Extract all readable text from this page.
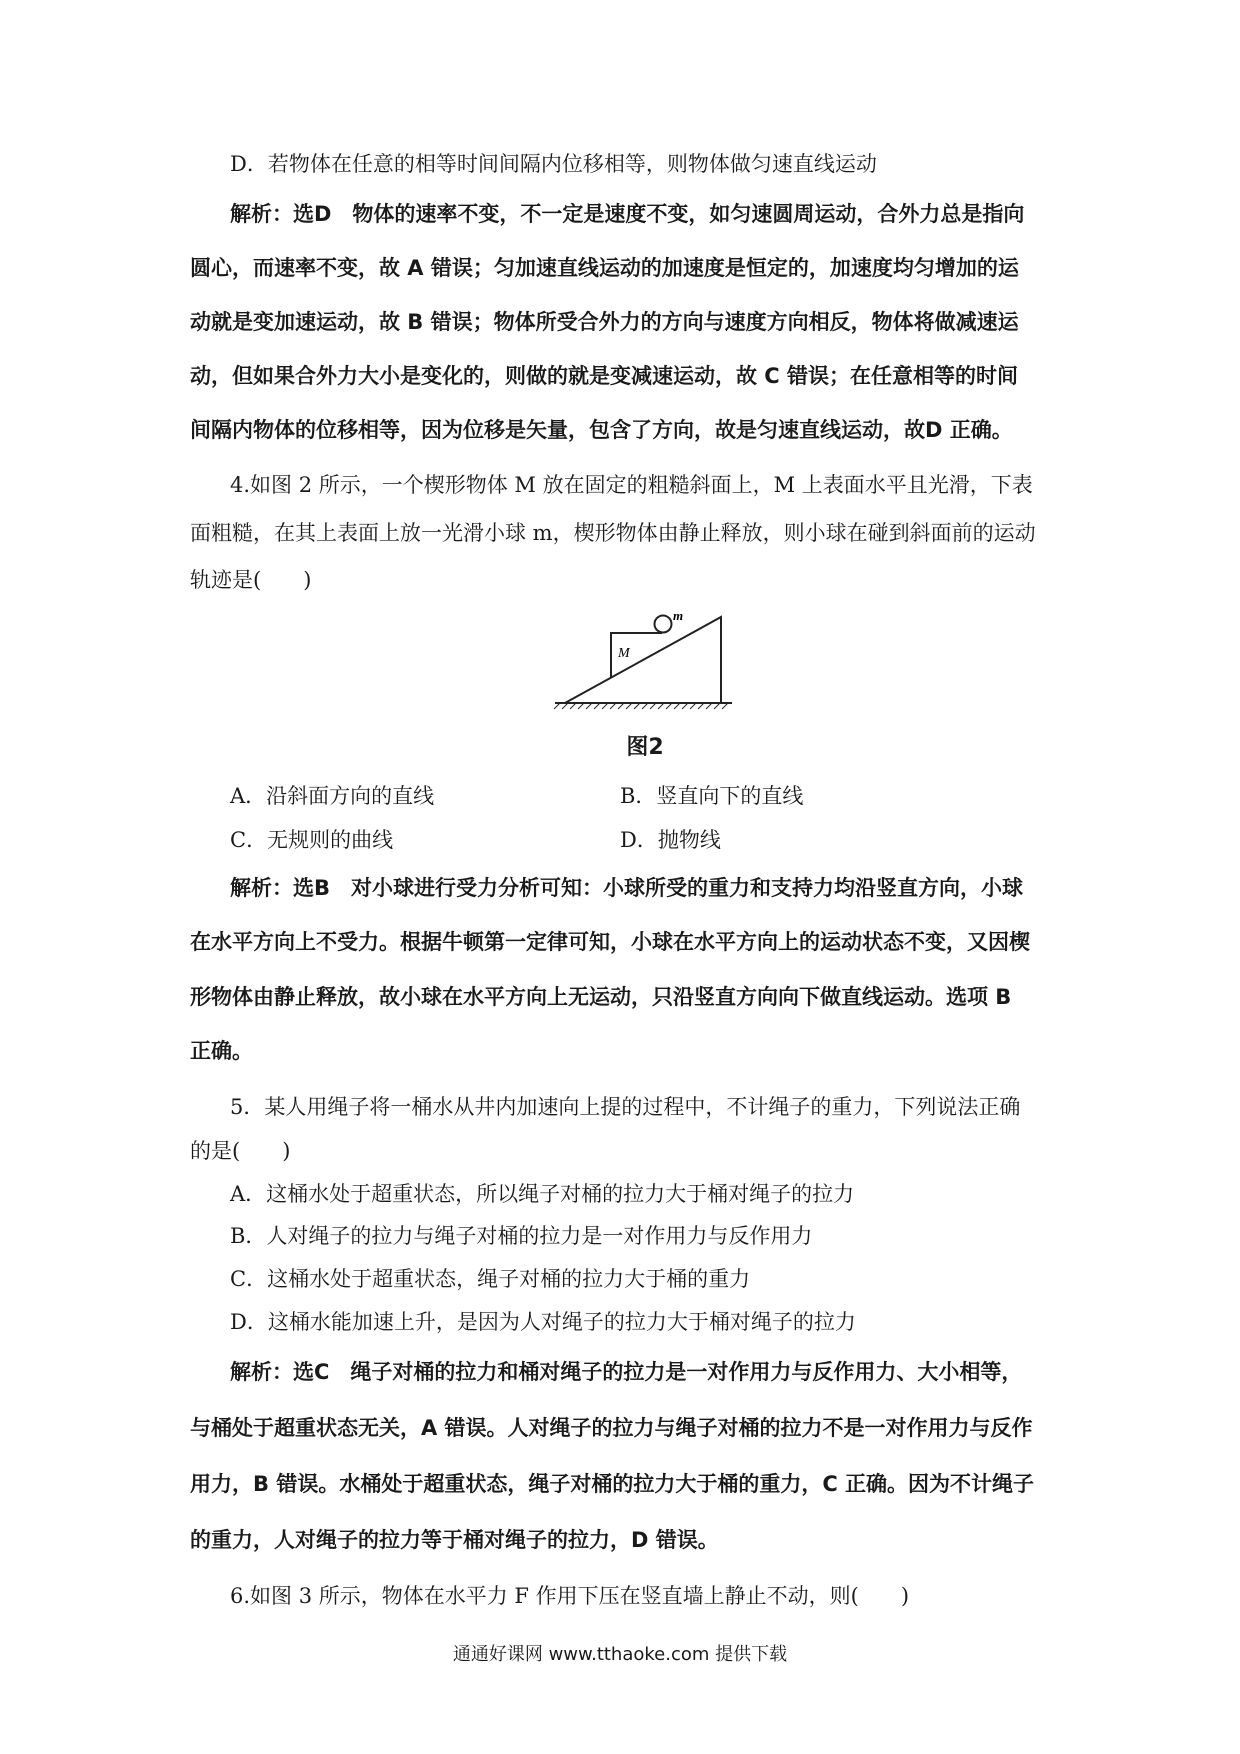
D．若物体在任意的相等时间间隔内位移相等，则物体做匀速直线运动
解析：选D　物体的速率不变，不一定是速度不变，如匀速圆周运动，合外力总是指向
圆心，而速率不变，故 A 错误；匀加速直线运动的加速度是恒定的，加速度均匀增加的运
动就是变加速运动，故 B 错误；物体所受合外力的方向与速度方向相反，物体将做减速运
动，但如果合外力大小是变化的，则做的就是变减速运动，故 C 错误；在任意相等的时间
间隔内物体的位移相等，因为位移是矢量，包含了方向，故是匀速直线运动，故D 正确。
4.如图 2 所示，一个楔形物体 M 放在固定的粗糙斜面上，M 上表面水平且光滑，下表
面粗糙，在其上表面上放一光滑小球 m，楔形物体由静止释放，则小球在碰到斜面前的运动
轨迹是(　　)
M
m
图2
A．沿斜面方向的直线	B．竖直向下的直线
C．无规则的曲线	D．抛物线
解析：选B　对小球进行受力分析可知：小球所受的重力和支持力均沿竖直方向，小球
在水平方向上不受力。根据牛顿第一定律可知，小球在水平方向上的运动状态不变，又因楔
形物体由静止释放，故小球在水平方向上无运动，只沿竖直方向向下做直线运动。选项 B
正确。
5．某人用绳子将一桶水从井内加速向上提的过程中，不计绳子的重力，下列说法正确
的是(　　)
A．这桶水处于超重状态，所以绳子对桶的拉力大于桶对绳子的拉力
B．人对绳子的拉力与绳子对桶的拉力是一对作用力与反作用力
C．这桶水处于超重状态，绳子对桶的拉力大于桶的重力
D．这桶水能加速上升，是因为人对绳子的拉力大于桶对绳子的拉力
解析：选C　绳子对桶的拉力和桶对绳子的拉力是一对作用力与反作用力、大小相等，
与桶处于超重状态无关，A 错误。人对绳子的拉力与绳子对桶的拉力不是一对作用力与反作
用力，B 错误。水桶处于超重状态，绳子对桶的拉力大于桶的重力，C 正确。因为不计绳子
的重力，人对绳子的拉力等于桶对绳子的拉力，D 错误。
6.如图 3 所示，物体在水平力 F 作用下压在竖直墙上静止不动，则(　　)
通通好课网 www.tthaoke.com 提供下载
